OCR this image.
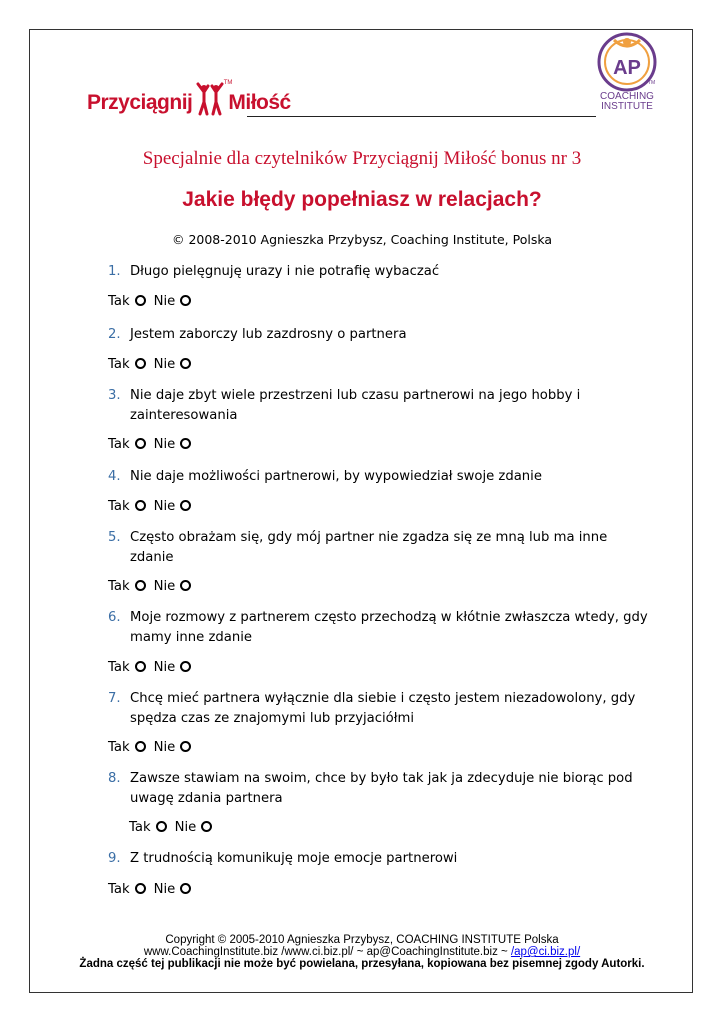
Przyciągnij
TM
Miłość
AP
TM
COACHING
INSTITUTE
Specjalnie dla czytelników Przyciągnij Miłość bonus nr 3
Jakie błędy popełniasz w relacjach?
© 2008-2010 Agnieszka Przybysz, Coaching Institute, Polska
1. Długo pielęgnuję urazy i nie potrafię wybaczać
Tak Nie
2. Jestem zaborczy lub zazdrosny o partnera
Tak Nie
3. Nie daje zbyt wiele przestrzeni lub czasu partnerowi na jego hobby i zainteresowania
Tak Nie
4. Nie daje możliwości partnerowi, by wypowiedział swoje zdanie
Tak Nie
5. Często obrażam się, gdy mój partner nie zgadza się ze mną lub ma inne zdanie
Tak Nie
6. Moje rozmowy z partnerem często przechodzą w kłótnie zwłaszcza wtedy, gdy mamy inne zdanie
Tak Nie
7. Chcę mieć partnera wyłącznie dla siebie i często jestem niezadowolony, gdy spędza czas ze znajomymi lub przyjaciółmi
Tak Nie
8. Zawsze stawiam na swoim, chce by było tak jak ja zdecyduje nie biorąc pod uwagę zdania partnera
Tak Nie
9. Z trudnością komunikuję moje emocje partnerowi
Tak Nie
Copyright © 2005-2010 Agnieszka Przybysz, COACHING INSTITUTE Polska
www.CoachingInstitute.biz /www.ci.biz.pl/ ~ ap@CoachingInstitute.biz ~ /ap@ci.biz.pl/
Żadna część tej publikacji nie może być powielana, przesyłana, kopiowana bez pisemnej zgody Autorki.
